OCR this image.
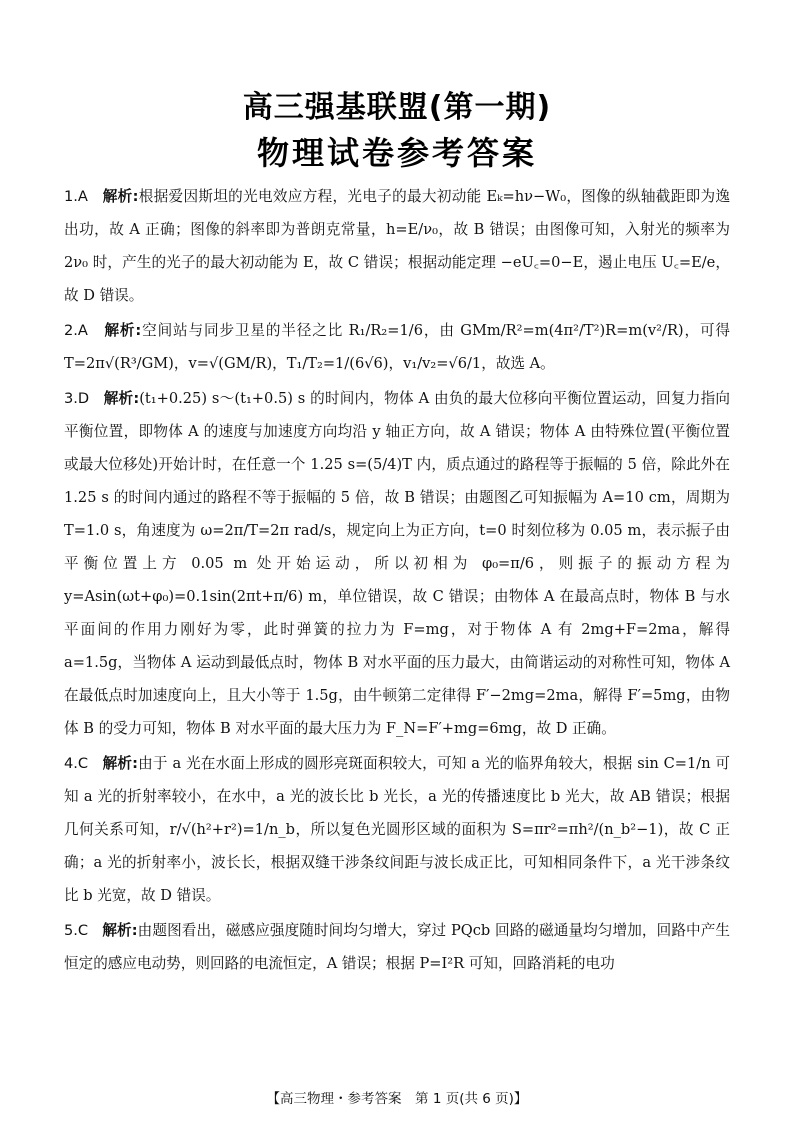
高三强基联盟(第一期)
物理试卷参考答案

1.A 解析:根据爱因斯坦的光电效应方程，光电子的最大初动能 Eₖ=hν−W₀，图像的纵轴截距即为逸出功，故 A 正确；图像的斜率即为普朗克常量，h=E/ν₀，故 B 错误；由图像可知，入射光的频率为 2ν₀ 时，产生的光子的最大初动能为 E，故 C 错误；根据动能定理 −eU꜀=0−E，遏止电压 U꜀=E/e，故 D 错误。

2.A 解析:空间站与同步卫星的半径之比 R₁/R₂=1/6，由 GMm/R²=m(4π²/T²)R=m(v²/R)，可得 T=2π√(R³/GM)，v=√(GM/R)，T₁/T₂=1/(6√6)，v₁/v₂=√6/1，故选 A。

3.D 解析:(t₁+0.25) s～(t₁+0.5) s 的时间内，物体 A 由负的最大位移向平衡位置运动，回复力指向平衡位置，即物体 A 的速度与加速度方向均沿 y 轴正方向，故 A 错误；物体 A 由特殊位置(平衡位置或最大位移处)开始计时，在任意一个 1.25 s=(5/4)T 内，质点通过的路程等于振幅的 5 倍，除此外在 1.25 s 的时间内通过的路程不等于振幅的 5 倍，故 B 错误；由题图乙可知振幅为 A=10 cm，周期为 T=1.0 s，角速度为 ω=2π/T=2π rad/s，规定向上为正方向，t=0 时刻位移为 0.05 m，表示振子由平衡位置上方 0.05 m 处开始运动，所以初相为 φ₀=π/6，则振子的振动方程为 y=Asin(ωt+φ₀)=0.1sin(2πt+π/6) m，单位错误，故 C 错误；由物体 A 在最高点时，物体 B 与水平面间的作用力刚好为零，此时弹簧的拉力为 F=mg，对于物体 A 有 2mg+F=2ma，解得 a=1.5g，当物体 A 运动到最低点时，物体 B 对水平面的压力最大，由简谐运动的对称性可知，物体 A 在最低点时加速度向上，且大小等于 1.5g，由牛顿第二定律得 F′−2mg=2ma，解得 F′=5mg，由物体 B 的受力可知，物体 B 对水平面的最大压力为 F_N=F′+mg=6mg，故 D 正确。

4.C 解析:由于 a 光在水面上形成的圆形亮斑面积较大，可知 a 光的临界角较大，根据 sin C=1/n 可知 a 光的折射率较小，在水中，a 光的波长比 b 光长，a 光的传播速度比 b 光大，故 AB 错误；根据几何关系可知，r/√(h²+r²)=1/n_b，所以复色光圆形区域的面积为 S=πr²=πh²/(n_b²−1)，故 C 正确；a 光的折射率小，波长长，根据双缝干涉条纹间距与波长成正比，可知相同条件下，a 光干涉条纹比 b 光宽，故 D 错误。

5.C 解析:由题图看出，磁感应强度随时间均匀增大，穿过 PQcb 回路的磁通量均匀增加，回路中产生恒定的感应电动势，则回路的电流恒定，A 错误；根据 P=I²R 可知，回路消耗的电功

【高三物理・参考答案　第 1 页(共 6 页)】
